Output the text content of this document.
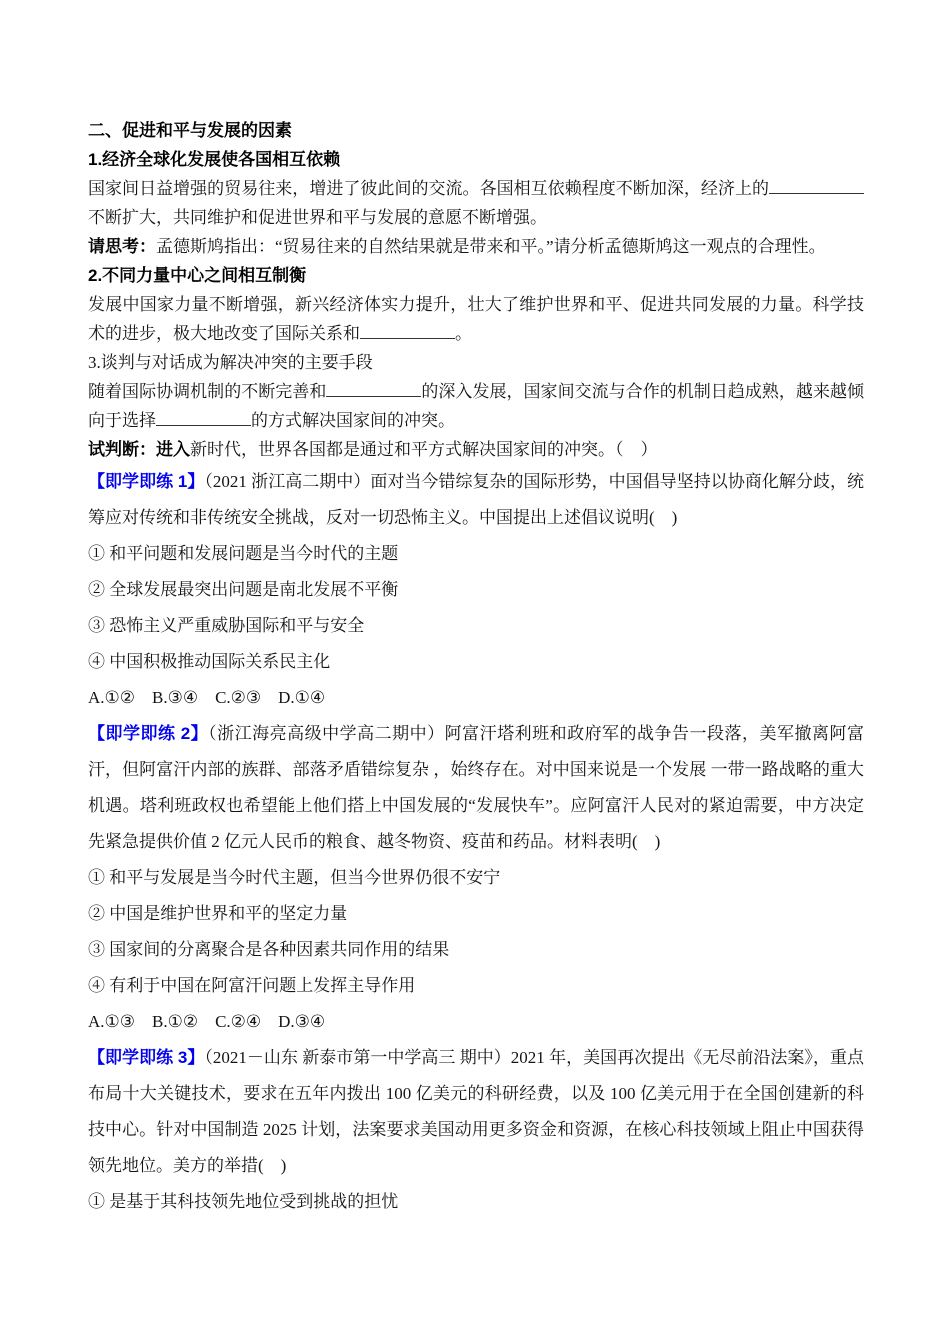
二、促进和平与发展的因素

1.经济全球化发展使各国相互依赖

国家间日益增强的贸易往来，增进了彼此间的交流。各国相互依赖程度不断加深，经济上的不断扩大，共同维护和促进世界和平与发展的意愿不断增强。

请思考：孟德斯鸠指出：“贸易往来的自然结果就是带来和平。”请分析孟德斯鸠这一观点的合理性。

2.不同力量中心之间相互制衡

发展中国家力量不断增强，新兴经济体实力提升，壮大了维护世界和平、促进共同发展的力量。科学技术的进步，极大地改变了国际关系和	。

3.谈判与对话成为解决冲突的主要手段

随着国际协调机制的不断完善和	的深入发展，国家间交流与合作的机制日趋成熟，越来越倾向于选择	的方式解决国家间的冲突。

试判断：进入新时代，世界各国都是通过和平方式解决国家间的冲突。（　）

【即学即练 1】（2021 浙江高二期中）面对当今错综复杂的国际形势，中国倡导坚持以协商化解分歧，统筹应对传统和非传统安全挑战，反对一切恐怖主义。中国提出上述倡议说明(　)

① 和平问题和发展问题是当今时代的主题

② 全球发展最突出问题是南北发展不平衡

③ 恐怖主义严重威胁国际和平与安全

④ 中国积极推动国际关系民主化

A.①②　B.③④　C.②③　D.①④

【即学即练 2】（浙江海亮高级中学高二期中）阿富汗塔利班和政府军的战争告一段落，美军撤离阿富汗，但阿富汗内部的族群、部落矛盾错综复杂 ，始终存在。对中国来说是一个发展 一带一路战略的重大机遇。塔利班政权也希望能上他们搭上中国发展的“发展快车”。应阿富汗人民对的紧迫需要，中方决定先紧急提供价值 2 亿元人民币的粮食、越冬物资、疫苗和药品。材料表明(　)

① 和平与发展是当今时代主题，但当今世界仍很不安宁

② 中国是维护世界和平的坚定力量

③ 国家间的分离聚合是各种因素共同作用的结果

④ 有利于中国在阿富汗问题上发挥主导作用

A.①③　B.①②　C.②④　D.③④

【即学即练 3】（2021－山东 新泰市第一中学高三 期中）2021 年，美国再次提出《无尽前沿法案》，重点布局十大关键技术，要求在五年内拨出 100 亿美元的科研经费，以及 100 亿美元用于在全国创建新的科技中心。针对中国制造 2025 计划，法案要求美国动用更多资金和资源，在核心科技领域上阻止中国获得领先地位。美方的举措(　)

① 是基于其科技领先地位受到挑战的担忧
